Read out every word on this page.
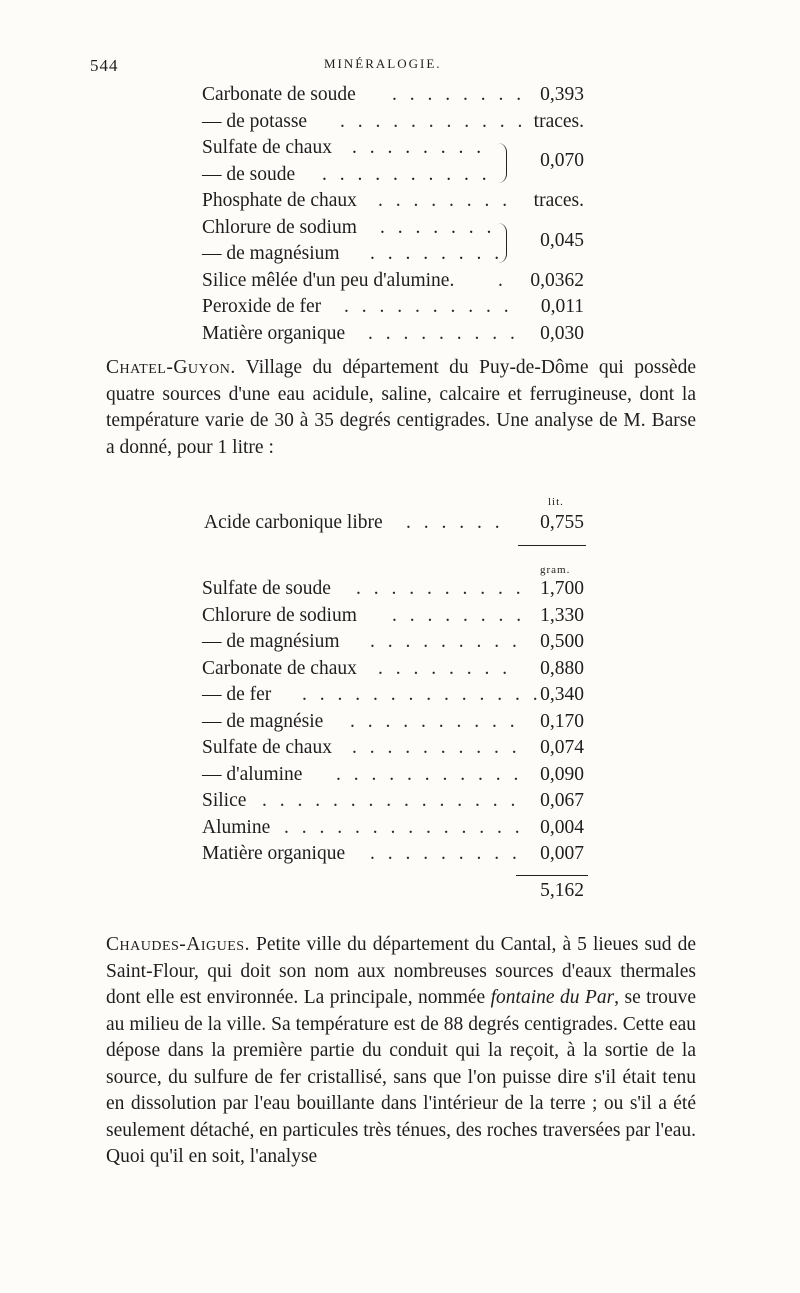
544	MINÉRALOGIE.
Carbonate de soude . . . . . . . . 0,393
— de potasse . . . . . . . . . . . traces.
Sulfate de chaux . . . . . . . .
— de soude . . . . . . . . . .
0,070
Phosphate de chaux . . . . . . . . traces.
Chlorure de sodium . . . . . . .
— de magnésium . . . . . . . .
0,045
Silice mêlée d'un peu d'alumine. . 0,0362
Peroxide de fer . . . . . . . . . . 0,011
Matière organique . . . . . . . . . 0,030

Chatel-Guyon. Village du département du Puy-de-Dôme qui possède quatre sources d'une eau acidule, saline, calcaire et ferrugineuse, dont la température varie de 30 à 35 degrés centigrades. Une analyse de M. Barse a donné, pour 1 litre :

lit.
Acide carbonique libre . . . . . . 0,755
gram.
Sulfate de soude . . . . . . . . . . 1,700
Chlorure de sodium . . . . . . . . 1,330
— de magnésium . . . . . . . . . 0,500
Carbonate de chaux . . . . . . . . 0,880
— de fer . . . . . . . . . . . . . .
0,340
— de magnésie . . . . . . . . . . 0,170
Sulfate de chaux . . . . . . . . . . 0,074
— d'alumine . . . . . . . . . . . 0,090
Silice . . . . . . . . . . . . . . . 0,067
Alumine . . . . . . . . . . . . . . 0,004
Matière organique . . . . . . . . . 0,007
5,162

Chaudes-Aigues. Petite ville du département du Cantal, à 5 lieues sud de Saint-Flour, qui doit son nom aux nombreuses sources d'eaux thermales dont elle est environnée. La principale, nommée fontaine du Par, se trouve au milieu de la ville. Sa température est de 88 degrés centigrades. Cette eau dépose dans la première partie du conduit qui la reçoit, à la sortie de la source, du sulfure de fer cristallisé, sans que l'on puisse dire s'il était tenu en dissolution par l'eau bouillante dans l'intérieur de la terre ; ou s'il a été seulement détaché, en particules très ténues, des roches traversées par l'eau. Quoi qu'il en soit, l'analyse
